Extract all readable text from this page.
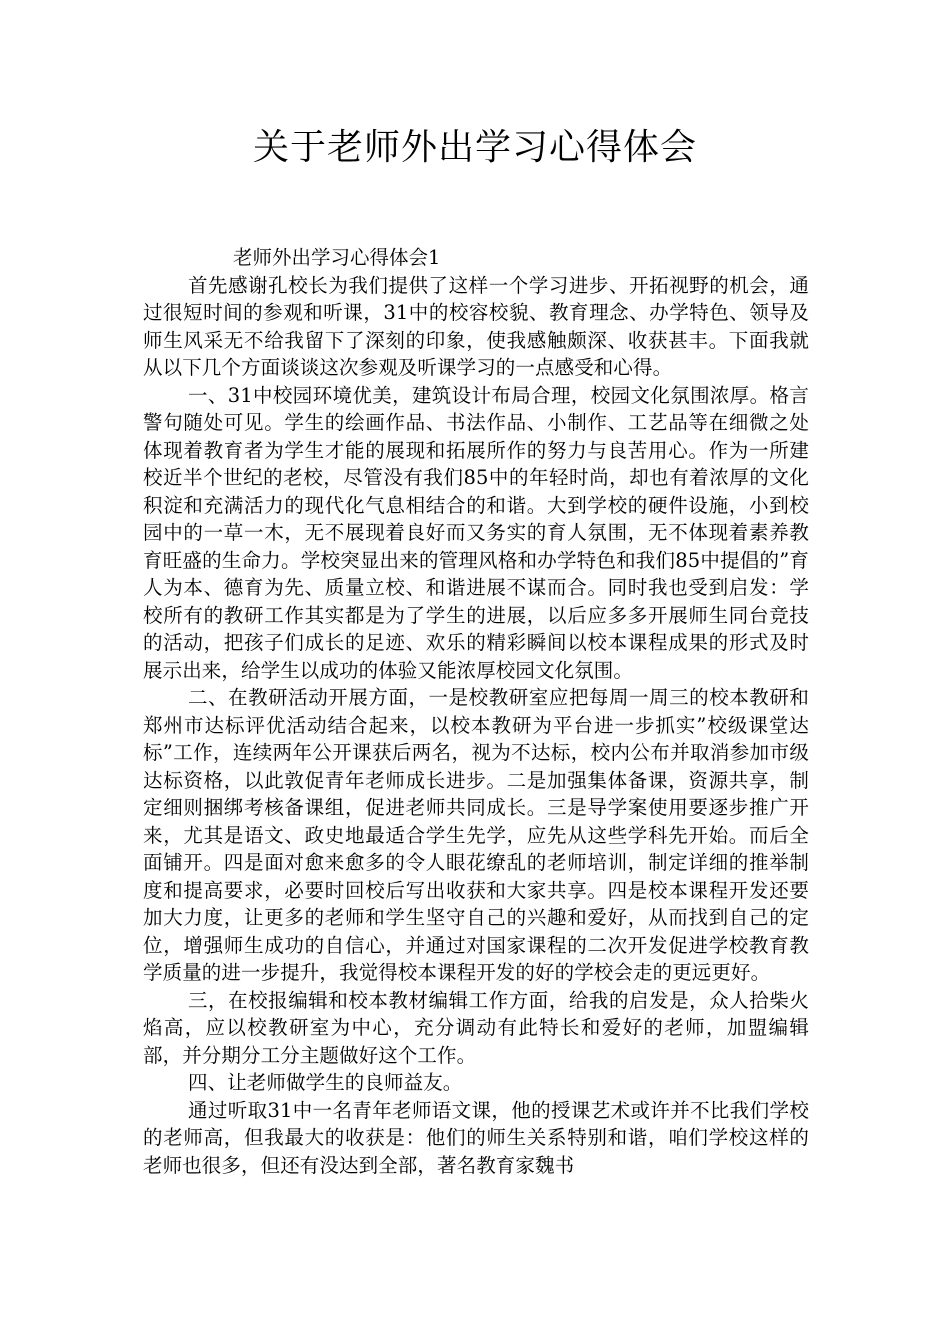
关于老师外出学习心得体会

老师外出学习心得体会1

首先感谢孔校长为我们提供了这样一个学习进步、开拓视野的机会，通过很短时间的参观和听课，31中的校容校貌、教育理念、办学特色、领导及师生风采无不给我留下了深刻的印象，使我感触颇深、收获甚丰。下面我就从以下几个方面谈谈这次参观及听课学习的一点感受和心得。

一、31中校园环境优美，建筑设计布局合理，校园文化氛围浓厚。格言警句随处可见。学生的绘画作品、书法作品、小制作、工艺品等在细微之处体现着教育者为学生才能的展现和拓展所作的努力与良苦用心。作为一所建校近半个世纪的老校，尽管没有我们85中的年轻时尚，却也有着浓厚的文化积淀和充满活力的现代化气息相结合的和谐。大到学校的硬件设施，小到校园中的一草一木，无不展现着良好而又务实的育人氛围，无不体现着素养教育旺盛的生命力。学校突显出来的管理风格和办学特色和我们85中提倡的”育人为本、德育为先、质量立校、和谐进展不谋而合。同时我也受到启发：学校所有的教研工作其实都是为了学生的进展，以后应多多开展师生同台竞技的活动，把孩子们成长的足迹、欢乐的精彩瞬间以校本课程成果的形式及时展示出来，给学生以成功的体验又能浓厚校园文化氛围。

二、在教研活动开展方面，一是校教研室应把每周一周三的校本教研和郑州市达标评优活动结合起来，以校本教研为平台进一步抓实”校级课堂达标”工作，连续两年公开课获后两名，视为不达标，校内公布并取消参加市级达标资格，以此敦促青年老师成长进步。二是加强集体备课，资源共享，制定细则捆绑考核备课组，促进老师共同成长。三是导学案使用要逐步推广开来，尤其是语文、政史地最适合学生先学，应先从这些学科先开始。而后全面铺开。四是面对愈来愈多的令人眼花缭乱的老师培训，制定详细的推举制度和提高要求，必要时回校后写出收获和大家共享。四是校本课程开发还要加大力度，让更多的老师和学生坚守自己的兴趣和爱好，从而找到自己的定位，增强师生成功的自信心，并通过对国家课程的二次开发促进学校教育教学质量的进一步提升，我觉得校本课程开发的好的学校会走的更远更好。

三，在校报编辑和校本教材编辑工作方面，给我的启发是，众人拾柴火焰高，应以校教研室为中心，充分调动有此特长和爱好的老师，加盟编辑部，并分期分工分主题做好这个工作。

四、让老师做学生的良师益友。

通过听取31中一名青年老师语文课，他的授课艺术或许并不比我们学校的老师高，但我最大的收获是：他们的师生关系特别和谐，咱们学校这样的老师也很多，但还有没达到全部，著名教育家魏书
